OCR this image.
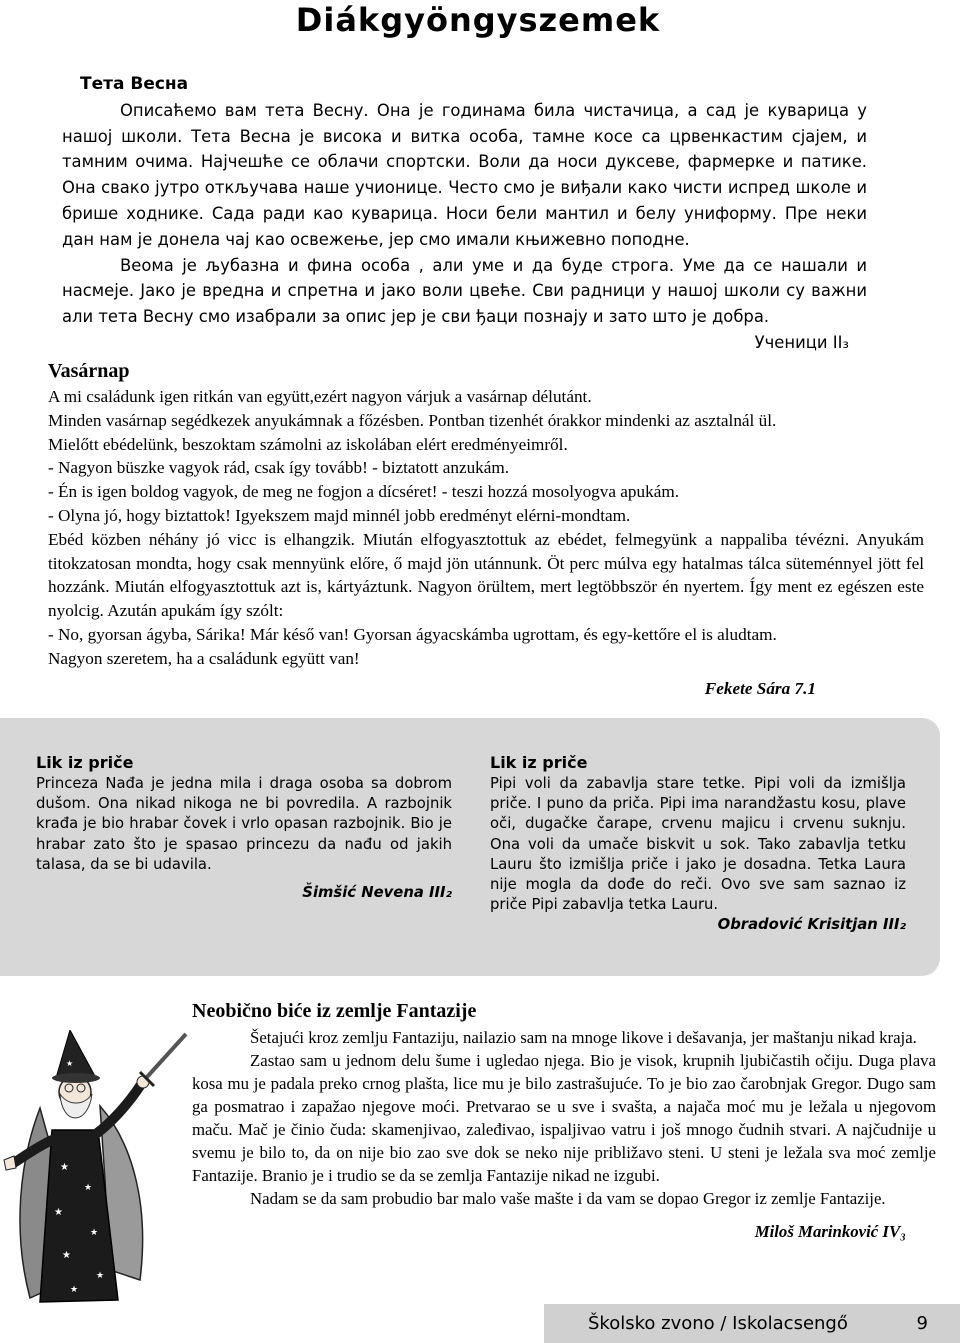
Diákgyöngyszemek
Тета Весна

Описаћемо вам тета Весну. Она је годинама била чистачица, а сад је куварица у нашој школи. Тета Весна је висока и витка особа, тамне косе са црвенкастим сјајем, и тамним очима. Најчешће се облачи спортски. Воли да носи дуксеве, фармерке и патике. Она свако јутро откључава наше учионице. Често смо је виђали како чисти испред школе и брише ходнике. Сада ради као куварица. Носи бели мантил и белу униформу. Пре неки дан нам је донела чај као освежење, јер смо имали књижевно поподне.

Веома је љубазна и фина особа , али уме и да буде строга. Уме да се нашали и насмеје. Јако је вредна и спретна и јако воли цвеће. Сви радници у нашој школи су важни али тета Весну смо изабрали за опис јер је сви ђаци познају и зато што је добра.

Ученици II₃

Vasárnap

A mi családunk igen ritkán van együtt,ezért nagyon várjuk a vasárnap délutánt.

Minden vasárnap segédkezek anyukámnak a főzésben. Pontban tizenhét órakkor mindenki az asztalnál ül.

Mielőtt ebédelünk, beszoktam számolni az iskolában elért eredményeimről.

- Nagyon büszke vagyok rád, csak így tovább! - biztatott anzukám.

- Én is igen boldog vagyok, de meg ne fogjon a dícséret! - teszi hozzá mosolyogva apukám.

- Olyna jó, hogy biztattok! Igyekszem majd minnél jobb eredményt elérni-mondtam.

Ebéd közben néhány jó vicc is elhangzik. Miután elfogyasztottuk az ebédet, felmegyünk a nappaliba tévézni. Anyukám titokzatosan mondta, hogy csak mennyünk előre, ő majd jön utánnunk. Öt perc múlva egy hatalmas tálca süteménnyel jött fel hozzánk. Miután elfogyasztottuk azt is, kártyáztunk. Nagyon örültem, mert legtöbbször én nyertem. Így ment ez egészen este nyolcig. Azután apukám így szólt:

- No, gyorsan ágyba, Sárika! Már késő van! Gyorsan ágyacskámba ugrottam, és egy-kettőre el is aludtam.

Nagyon szeretem, ha a családunk együtt van!

Fekete Sára 7.1

Lik iz priče

Princeza Nađa je jedna mila i draga osoba sa dobrom dušom. Ona nikad nikoga ne bi povredila. A razbojnik krađa je bio hrabar čovek i vrlo opasan razbojnik. Bio je hrabar zato što je spasao princezu da nađu od jakih talasa, da se bi udavila.

Šimšić Nevena III₂

Lik iz priče

Pipi voli da zabavlja stare tetke. Pipi voli da izmišlja priče. I puno da priča. Pipi ima narandžastu kosu, plave oči, dugačke čarape, crvenu majicu i crvenu suknju. Ona voli da umače biskvit u sok. Tako zabavlja tetku Lauru što izmišlja priče i jako je dosadna. Tetka Laura nije mogla da dođe do reči. Ovo sve sam saznao iz priče Pipi zabavlja tetka Lauru.

Obradović Krisitjan III₂

★
★
★
★
★
★
★
★
Neobično biće iz zemlje Fantazije

Šetajući kroz zemlju Fantaziju, nailazio sam na mnoge likove i dešavanja, jer maštanju nikad kraja.

Zastao sam u jednom delu šume i ugledao njega. Bio je visok, krupnih ljubičastih očiju. Duga plava kosa mu je padala preko crnog plašta, lice mu je bilo zastrašujuće. To je bio zao čarobnjak Gregor. Dugo sam ga posmatrao i zapažao njegove moći. Pretvarao se u sve i svašta, a najača moć mu je ležala u njegovom maču. Mač je činio čuda: skamenjivao, zaleđivao, ispaljivao vatru i još mnogo čudnih stvari. A najčudnije u svemu je bilo to, da on nije bio zao sve dok se neko nije približavo steni. U steni je ležala sva moć zemlje Fantazije. Branio je i trudio se da se zemlja Fantazije nikad ne izgubi.

Nadam se da sam probudio bar malo vaše mašte i da vam se dopao Gregor iz zemlje Fantazije.

Miloš Marinković IV₃

Školsko zvono / Iskolacsengő	9
